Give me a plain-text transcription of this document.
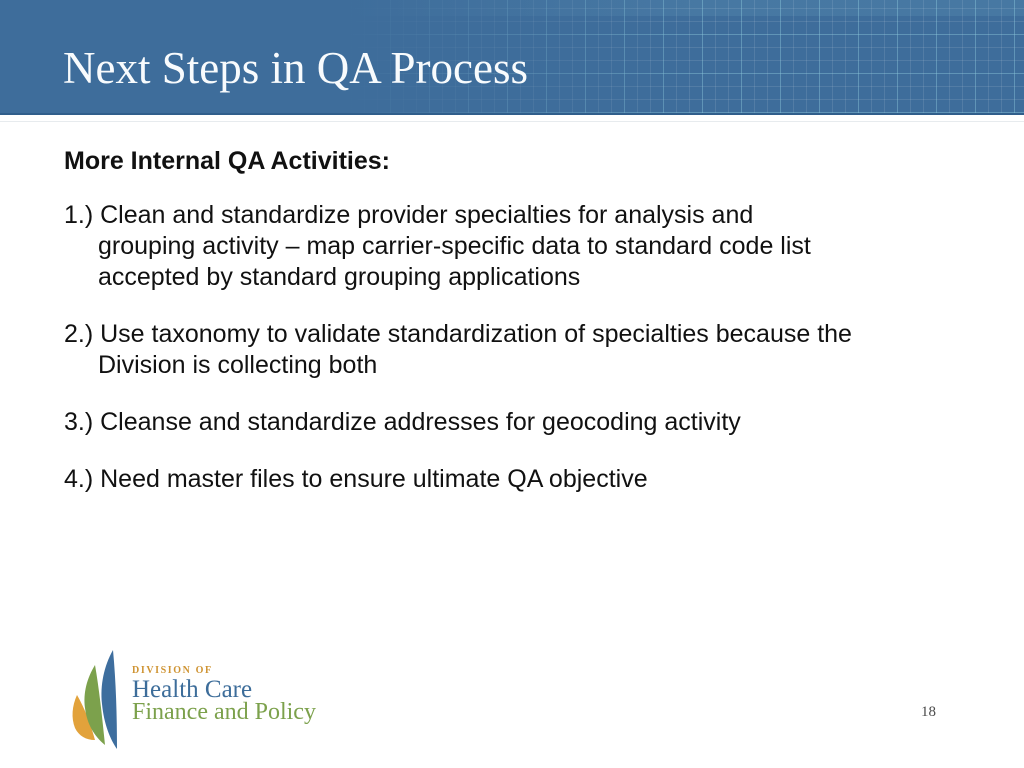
Next Steps in QA Process

More Internal QA Activities:

1.) Clean and standardize provider specialties for analysis and
grouping activity – map carrier-specific data to standard code list
accepted by standard grouping applications
2.) Use taxonomy to validate standardization of specialties because the
Division is collecting both
3.) Cleanse and standardize addresses for geocoding activity
4.) Need master files to ensure ultimate QA objective
DIVISION OF
Health Care
Finance and Policy	18
